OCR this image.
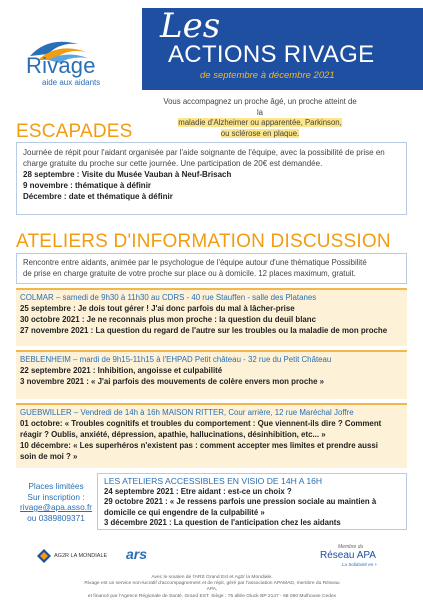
Rivage
aide aux aidants
Les
ACTIONS RIVAGE
de septembre à décembre 2021
Vous accompagnez un proche âgé, un proche atteint de la
maladie d'Alzheimer ou apparentée, Parkinson,
ou sclérose en plaque.
ESCAPADES
Journée de répit pour l'aidant organisée par l'aide soignante de l'équipe, avec la possibilité de prise en
charge gratuite du proche sur cette journée. Une participation de 20€ est demandée.
28 septembre : Visite du Musée Vauban à Neuf-Brisach
9 novembre : thématique à définir
Décembre : date et thématique à définir
ATELIERS D'INFORMATION DISCUSSION
Rencontre entre aidants, animée par le psychologue de l'équipe autour d'une thématique Possibilité
de prise en charge gratuite de votre proche sur place ou à domicile. 12 places maximum, gratuit.
COLMAR – samedi de 9h30 à 11h30 au CDRS - 40 rue Stauffen - salle des Platanes
25 septembre : Je dois tout gérer ! J'ai donc parfois du mal à lâcher-prise
30 octobre 2021 : Je ne reconnais plus mon proche : la question du deuil blanc
27 novembre 2021 : La question du regard de l'autre sur les troubles ou la maladie de mon proche
BEBLENHEIM – mardi de 9h15-11h15 à l'EHPAD Petit château - 32 rue du Petit Château
22 septembre 2021 : Inhibition, angoisse et culpabilité
3 novembre 2021 : « J'ai parfois des mouvements de colère envers mon proche »
GUEBWILLER – Vendredi de 14h à 16h MAISON RITTER, Cour arrière, 12 rue Maréchal Joffre
01 octobre: « Troubles cognitifs et troubles du comportement : Que viennent-ils dire ? Comment
réagir ? Oublis, anxiété, dépression, apathie, hallucinations, désinhibition, etc... »
10 décembre: « Les superhéros n'existent pas : comment accepter mes limites et prendre aussi
soin de moi ? »
Places limitées
Sur inscription :
rivage@apa.asso.fr
ou 0389809371
LES ATELIERS ACCESSIBLES EN VISIO DE 14H A 16H
24 septembre 2021 : Etre aidant : est-ce un choix ?
29 octobre 2021 : « Je ressens parfois une pression sociale au maintien à
domicile ce qui engendre de la culpabilité »
3 décembre 2021 : La question de l'anticipation chez les aidants
AG2R LA MONDIALE ars	Membre du
Réseau APA
La Solidarité en +
Avec le soutien de l'ARS Grand Est et Ag2r la Mondiale.
Rivage est un service non-lucratif d'accompagnement et de répit, géré par l'association APAMAD, membre du Réseau APA,
et financé par l'Agence Régionale de Santé, Grand EST. Siège : 75 allée Gluck BP 2147 - 68 060 Mulhouse Cedex
